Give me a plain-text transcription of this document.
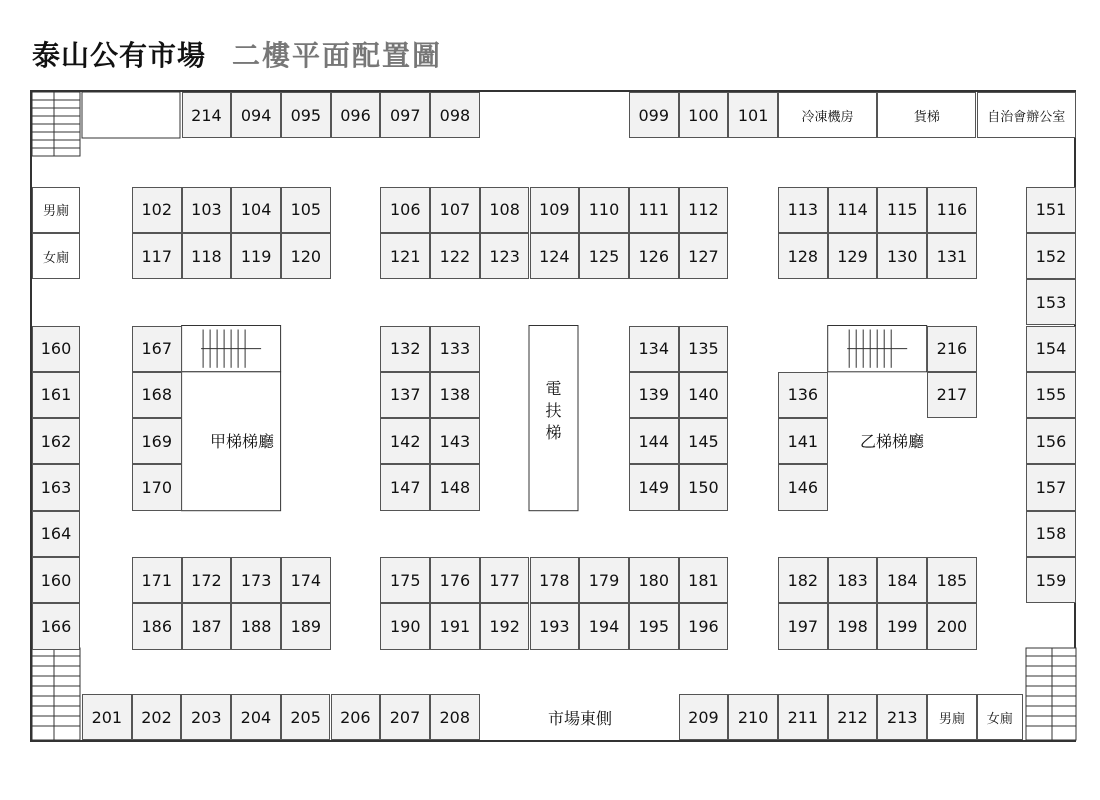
泰山公有市場 二樓平面配置圖
甲梯梯廳	乙梯梯廳
市場東側
214	094	095	096	097	098	099	100	101	冷凍機房	貨梯	自治會辦公室
男廁
女廁
102	103	104	105
117	118	119	120
106	107	108	109	110	111	112
121	122	123	124	125	126	127
113	114	115	116
128	129	130	131
151
152
153
154
155
156
157
158
159
160
161
162
163
164
160
166
167
168
169
170
132	133
137	138
142	143
147	148
電
扶
梯
134	135
139	140
144	145
149	150
136
141
146
216
217
171	172	173	174
186	187	188	189
175	176	177	178	179	180	181
190	191	192	193	194	195	196
182	183	184	185
197	198	199	200
201	202	203	204	205	206	207	208	209	210	211	212	213	男廁	女廁
